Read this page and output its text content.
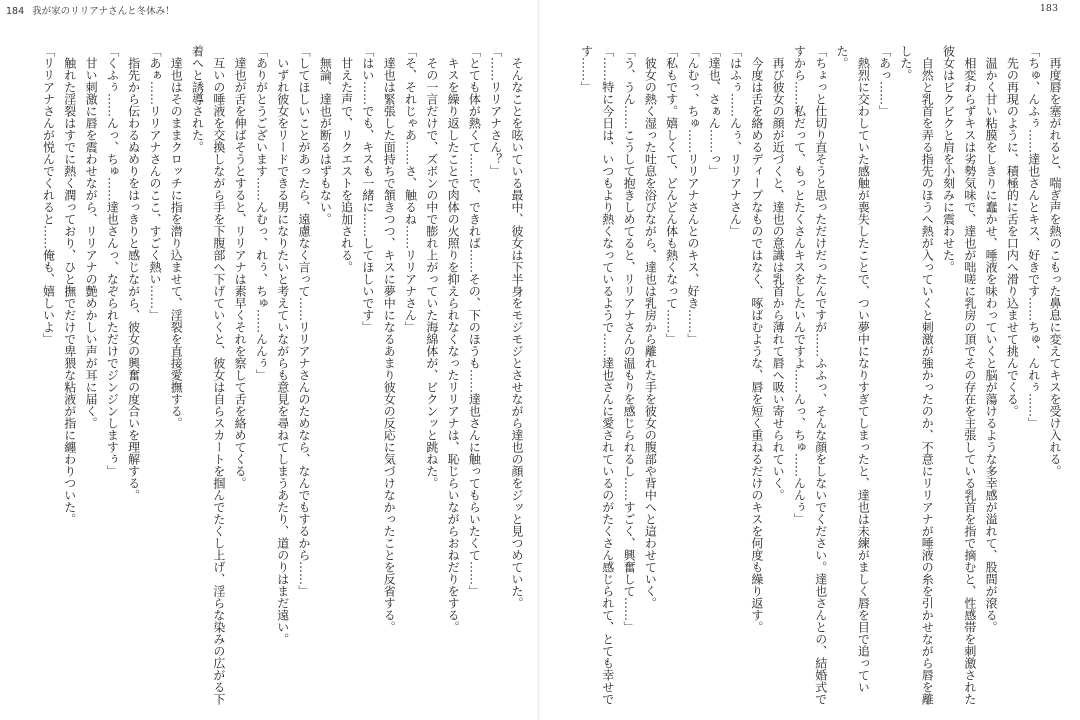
184 我が家のリリアナさんと冬休み！	183

そんなことを呟いている最中、彼女は下半身をモジモジとさせながら達也の顔をジッと見つめていた。

「……リリアナさん？」

「とても体が熱くて……で、できれば……その、下のほうも……達也さんに触ってもらいたくて……」

キスを繰り返したことで肉体の火照りを抑えられなくなったリリアナは、恥じらいながらおねだりをする。

その一言だけで、ズボンの中で膨れ上がっていた海綿体が、ビクンッと跳ねた。

「そ、それじゃあ……さ、触るね……リリアナさん」

達也は緊張した面持ちで頷きつつ、キスに夢中になるあまり彼女の反応に気づけなかったことを反省する。

「はい……でも、キスも一緒に……してほしいです」

甘えた声で、リクエストを追加される。

無論、達也が断るはずもない。

「してほしいことがあったら、遠慮なく言って……リリアナさんのためなら、なんでもするから……」

いずれ彼女をリードできる男になりたいと考えていながらも意見を尋ねてしまうあたり、道のりはまだ遠い。

「ありがとうございます……んむっ、れぅ、ちゅ……んんぅ」

達也が舌を伸ばそうとすると、リリアナは素早くそれを察して舌を絡めてくる。

互いの唾液を交換しながら手を下腹部へ下げていくと、彼女は自らスカートを掴んでたくし上げ、淫らな染みの広がる下着へと誘導された。

達也はそのままクロッチに指を潜り込ませて、淫裂を直接愛撫する。

「あぁ……リリアナさんのここ、すごく熱い……」

指先から伝わるぬめりをはっきりと感じながら、彼女の興奮の度合いを理解する。

「くふぅ……んっ、ちゅ……達也さんっ、なぞられただけでジンジンしますぅ」

甘い刺激に唇を震わせながら、リリアナの艶めかしい声が耳に届く。

触れた淫裂はすでに熱く潤っており、ひと撫でだけで卑猥な粘液が指に纏わりついた。

「リリアナさんが悦んでくれると……俺も、嬉しいよ」	再度唇を塞がれると、喘ぎ声を熱のこもった鼻息に変えてキスを受け入れる。

「ちゅ、んふぅ……達也さんとキス、好きです……ちゅ、んれぅ……」

先の再現のように、積極的に舌を口内へ滑り込ませて挑んでくる。

温かく甘い粘膜をしきりに蠢かせ、唾液を味わっていくと脳が蕩けるような多幸感が溢れて、股間が滾る。

相変わらずキスは劣勢気味で、達也が咄嗟に乳房の頂でその存在を主張している乳首を指で摘むと、性感帯を刺激された彼女はビクビクと肩を小刻みに震わせた。

自然と乳首を弄る指先のほうへ熱が入っていくと刺激が強かったのか、不意にリリアナが唾液の糸を引かせながら唇を離した。

「あっ……」

熱烈に交わしていた感触が喪失したことで、つい夢中になりすぎてしまったと、達也は未練がましく唇を目で追っていた。

「ちょっと仕切り直そうと思っただけだったんですが……ふふっ、そんな顔をしないでください。達也さんとの、結婚式ですから……私だって、もっとたくさんキスをしたいんですよ……んっ、ちゅ……んんぅ」

再び彼女の顔が近づくと、達也の意識は乳首から薄れて唇へ吸い寄せられていく。

今度は舌を絡めるディープなものではなく、啄ばむような、唇を短く重ねるだけのキスを何度も繰り返す。

「はふぅ……んぅ、リリアナさん」

「達也、さぁん……っ」

「んむっ、ちゅ……リリアナさんとのキス、好き……」

「私もです。嬉しくて、どんどん体も熱くなって……」

彼女の熱く湿った吐息を浴びながら、達也は乳房から離れた手を彼女の腹部や背中へと這わせていく。

「う、うん……こうして抱きしめてると、リリアナさんの温もりを感じられるし……すごく、興奮して……」

「……特に今日は、いつもより熱くなっているようで……達也さんに愛されているのがたくさん感じられて、とても幸せです……」
